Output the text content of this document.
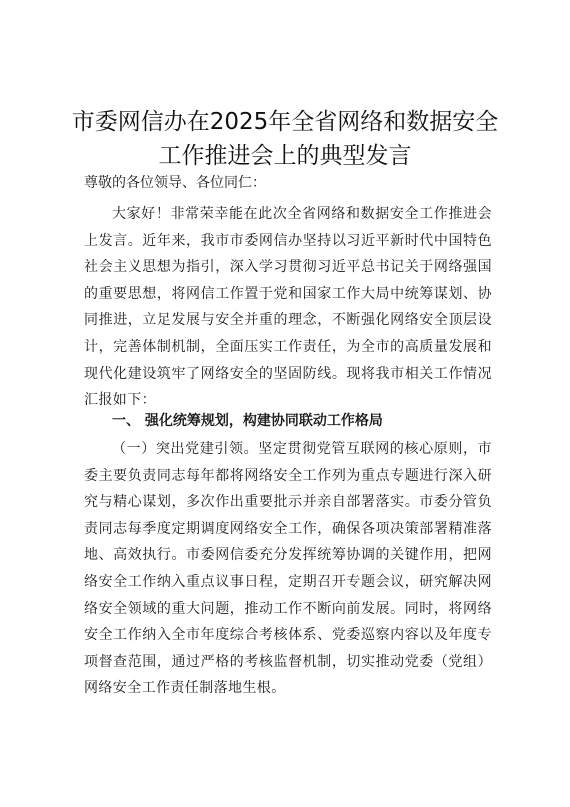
市委网信办在2025年全省网络和数据安全
工作推进会上的典型发言

尊敬的各位领导、各位同仁：

大家好！非常荣幸能在此次全省网络和数据安全工作推进会上发言。近年来，我市市委网信办坚持以习近平新时代中国特色社会主义思想为指引，深入学习贯彻习近平总书记关于网络强国的重要思想，将网信工作置于党和国家工作大局中统筹谋划、协同推进，立足发展与安全并重的理念，不断强化网络安全顶层设计，完善体制机制，全面压实工作责任，为全市的高质量发展和现代化建设筑牢了网络安全的坚固防线。现将我市相关工作情况汇报如下：

一、 强化统筹规划，构建协同联动工作格局

（一）突出党建引领。坚定贯彻党管互联网的核心原则，市委主要负责同志每年都将网络安全工作列为重点专题进行深入研究与精心谋划，多次作出重要批示并亲自部署落实。市委分管负责同志每季度定期调度网络安全工作，确保各项决策部署精准落地、高效执行。市委网信委充分发挥统筹协调的关键作用，把网络安全工作纳入重点议事日程，定期召开专题会议，研究解决网络安全领域的重大问题，推动工作不断向前发展。同时，将网络安全工作纳入全市年度综合考核体系、党委巡察内容以及年度专项督查范围，通过严格的考核监督机制，切实推动党委（党组）网络安全工作责任制落地生根。
